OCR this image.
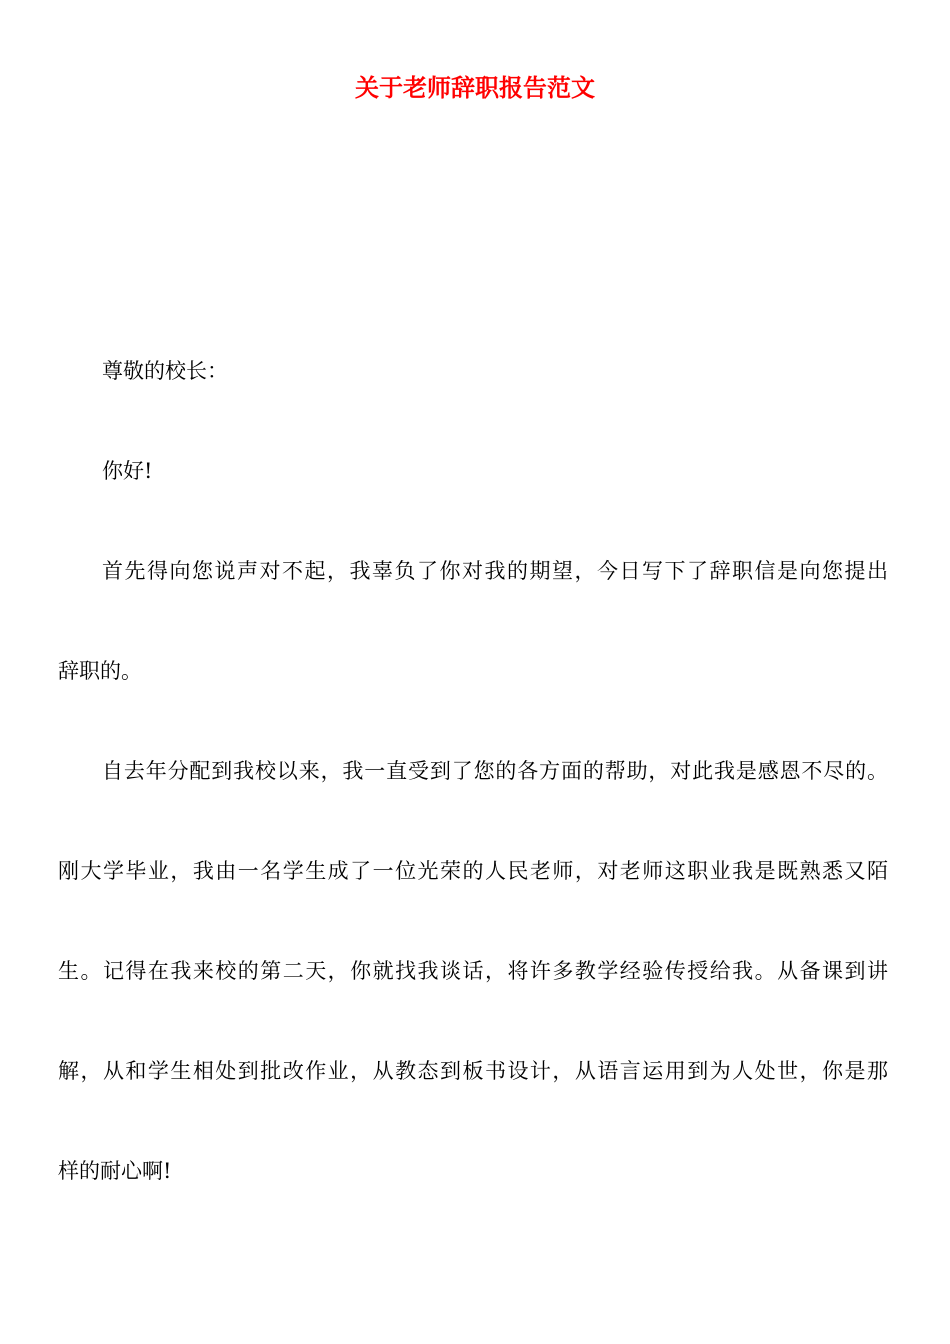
关于老师辞职报告范文
尊敬的校长：
你好!
首先得向您说声对不起，我辜负了你对我的期望，今日写下了辞职信是向您提出
辞职的。
自去年分配到我校以来，我一直受到了您的各方面的帮助，对此我是感恩不尽的。
刚大学毕业，我由一名学生成了一位光荣的人民老师，对老师这职业我是既熟悉又陌
生。记得在我来校的第二天，你就找我谈话，将许多教学经验传授给我。从备课到讲
解，从和学生相处到批改作业，从教态到板书设计，从语言运用到为人处世，你是那
样的耐心啊!
